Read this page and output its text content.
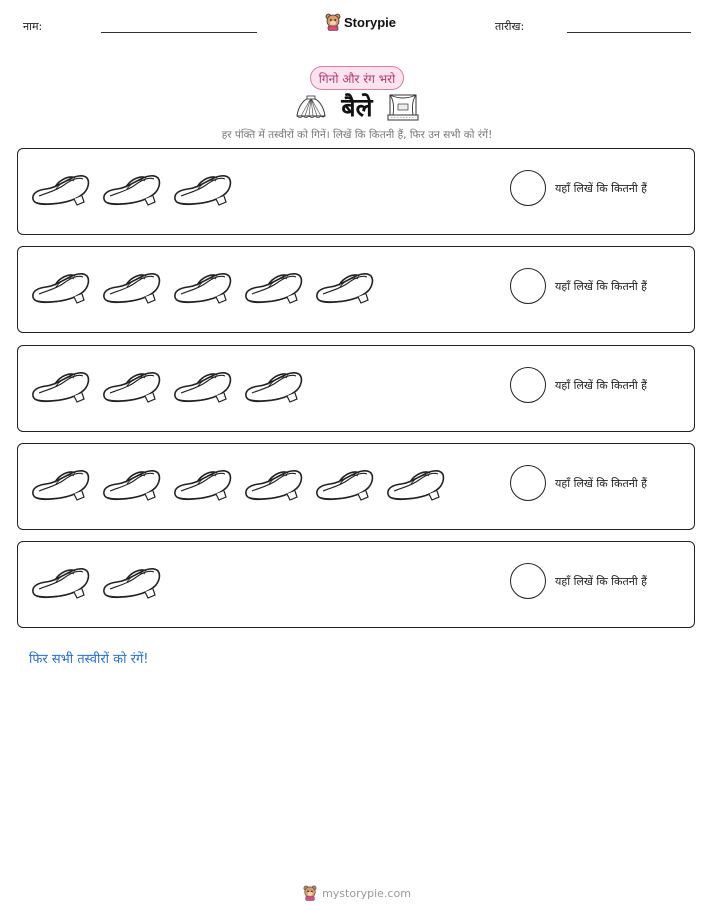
नाम:	Storypie	तारीख:
गिनो और रंग भरो
बैले
हर पंक्ति में तस्वीरों को गिनें। लिखें कि कितनी हैं, फिर उन सभी को रंगें!
यहाँ लिखें कि कितनी हैं
यहाँ लिखें कि कितनी हैं
यहाँ लिखें कि कितनी हैं
यहाँ लिखें कि कितनी हैं
यहाँ लिखें कि कितनी हैं
फिर सभी तस्वीरों को रंगें!
mystorypie.com
